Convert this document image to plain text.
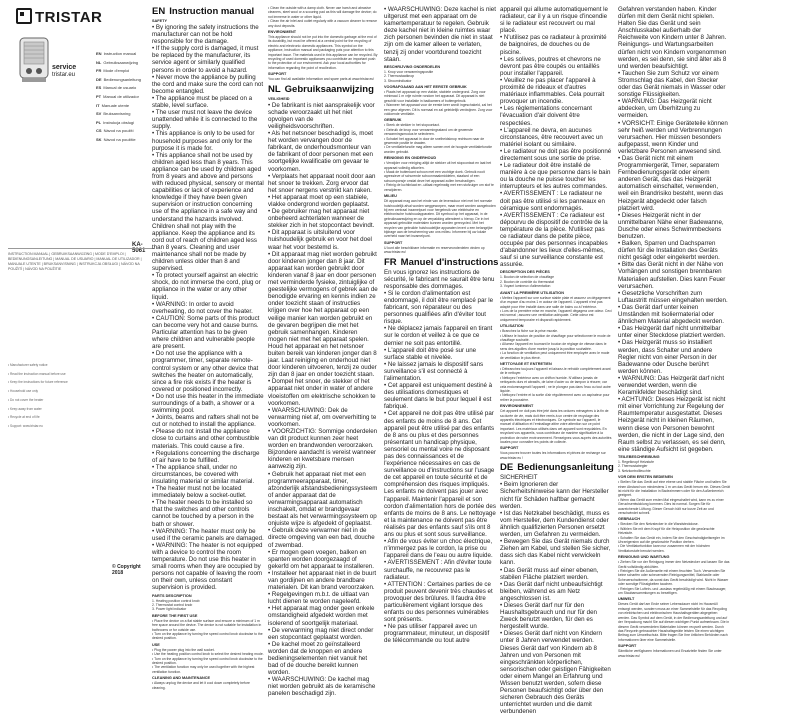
TRISTAR
service
tristar.eu
EN Instruction manual
NL Gebruiksaanwijzing
FR Mode d'emploi
DE Bedienungsanleitung
ES Manual de usuario
PT Manual de utilizador
IT Manuale utente
SV Bruksanvisning
PL Instrukcja obsługi
CS Návod na použití
SK Návod na použitie
KA-5061
INSTRUCTION MANUAL | GEBRUIKSAANWIJZING | MODE D'EMPLOI | BEDIENUNGSANLEITUNG | MANUAL DE USUARIO | MANUAL DE UTILIZADOR | MANUALE UTENTE | BRUKSANVISNING | INSTRUKCJA OBSŁUGI | NÁVOD NA POUŽITÍ | NÁVOD NA POUŽITIE
• Manufacturer safety notice
• Read the instruction manual before use
• Keep the instructions for future reference
• Household use only
• Do not cover the heater
• Keep away from water
• Recycle at end of life
• Support: www.tristar.eu
© Copyright 2018
EN Instruction manual
SAFETY

• By ignoring the safety instructions the manufacturer can not be hold responsible for the damage.
• If the supply cord is damaged, it must be replaced by the manufacturer, its service agent or similarly qualified persons in order to avoid a hazard.
• Never move the appliance by pulling the cord and make sure the cord can not become entangled.
• The appliance must be placed on a stable, level surface.
• The user must not leave the device unattended while it is connected to the supply.
• This appliance is only to be used for household purposes and only for the purpose it is made for.
• This appliance shall not be used by children aged less than 8 years. This appliance can be used by children aged from 8 years and above and persons with reduced physical, sensory or mental capabilities or lack of experience and knowledge if they have been given supervision or instruction concerning use of the appliance in a safe way and understand the hazards involved. Children shall not play with the appliance. Keep the appliance and its cord out of reach of children aged less than 8 years. Cleaning and user maintenance shall not be made by children unless older than 8 and supervised.
• To protect yourself against an electric shock, do not immerse the cord, plug or appliance in the water or any other liquid.
• WARNING: In order to avoid overheating, do not cover the heater.
• CAUTION: Some parts of this product can become very hot and cause burns. Particular attention has to be given where children and vulnerable people are present.
• Do not use the appliance with a programmer, timer, separate remote-control system or any other device that switches the heater on automatically, since a fire risk exists if the heater is covered or positioned incorrectly.
• Do not use this heater in the immediate surroundings of a bath, a shower or a swimming pool.
• Joints, beams and rafters shall not be cut or notched to install the appliance.
• Please do not install the appliance close to curtains and other combustible materials. This could cause a fire.
• Regulations concerning the discharge of air have to be fulfilled.
• The appliance shall, under no circumstances, be covered with insulating material or similar material.
• The heater must not be located immediately below a socket-outlet.
• The heater needs to be installed so that the switches and other controls cannot be touched by a person in the bath or shower.
• WARNING: The heater must only be used if the ceramic panels are damaged.
• WARNING: The heater is not equipped with a device to control the room temperature. Do not use this heater in small rooms when they are occupied by persons not capable of leaving the room on their own, unless constant supervision is provided.

PARTS DESCRIPTION

1. Heating position control knob
2. Thermostat control knob
3. Power light indicator

BEFORE THE FIRST USE

• Place the device on a flat stable surface and ensure a minimum of 1 m free space around the device. The device is not suitable for installation in bathrooms or for outside use.
• Turn on the appliance by turning the speed control knob clockwise to the desired position.

USE

• Plug the power plug into the wall socket.
• Use the heating position control knob to select the desired heating mode.
• Turn on the appliance by turning the speed control knob clockwise to the desired position.
• The ventilation function may only be used together with the highest ventilation function.

CLEANING AND MAINTENANCE

• Always unplug the device and let it cool down completely before cleaning.

• Clean the outside with a damp cloth. Never use harsh and abrasive cleaners, steel wool or a scouring pad as this will damage the device; do not immerse in water or other liquid.
• Clean the air inlet and outlet regularly with a vacuum cleaner to remove any dust deposits.

ENVIRONMENT

This appliance should not be put into the domestic garbage at the end of its durability, but must be offered at a central point for the recycling of electric and electronic domestic appliances. This symbol on the appliance, instruction manual and packaging puts your attention to this important issue. The materials used in this appliance can be recycled. By recycling of used domestic appliances you contribute an important push to the protection of our environment. Ask your local authorities for information regarding the point of recollection.

SUPPORT

You can find all available information and spare parts at www.tristar.eu!

NL Gebruiksaanwijzing
VEILIGHEID

• De fabrikant is niet aansprakelijk voor schade veroorzaakt uit het niet opvolgen van de veiligheidsvoorschriften.
• Als het netsnoer beschadigd is, moet het worden vervangen door de fabrikant, de onderhoudsmonteur van de fabrikant of door personen met een soortgelijke kwalificatie om gevaar te voorkomen.
• Verplaats het apparaat nooit door aan het snoer te trekken. Zorg ervoor dat het snoer nergens verstrikt kan raken.
• Het apparaat moet op een stabiele, vlakke ondergrond worden geplaatst.
• De gebruiker mag het apparaat niet onbeheerd achterlaten wanneer de stekker zich in het stopcontact bevindt.
• Dit apparaat is uitsluitend voor huishoudelijk gebruik en voor het doel waar het voor bestemd is.
• Dit apparaat mag niet worden gebruikt door kinderen jonger dan 8 jaar. Dit apparaat kan worden gebruikt door kinderen vanaf 8 jaar en door personen met verminderde fysieke, zintuiglijke of geestelijke vermogens of gebrek aan de benodigde ervaring en kennis indien ze onder toezicht staan of instructies krijgen over hoe het apparaat op een veilige manier kan worden gebruikt en de gevaren begrijpen die met het gebruik samenhangen. Kinderen mogen niet met het apparaat spelen. Houd het apparaat en het netsnoer buiten bereik van kinderen jonger dan 8 jaar. Laat reiniging en onderhoud niet door kinderen uitvoeren, tenzij ze ouder zijn dan 8 jaar en onder toezicht staan.
• Dompel het snoer, de stekker of het apparaat niet onder in water of andere vloeistoffen om elektrische schokken te voorkomen.
• WAARSCHUWING: Dek de verwarming niet af, om oververhitting te voorkomen.
• VOORZICHTIG: Sommige onderdelen van dit product kunnen zeer heet worden en brandwonden veroorzaken. Bijzondere aandacht is vereist wanneer kinderen en kwetsbare mensen aanwezig zijn.
• Gebruik het apparaat niet met een programmeerapparaat, timer, afzonderlijk afstandsbedieningssysteem of ander apparaat dat de verwarmingsapparaat automatisch inschakelt, omdat er brandgevaar bestaat als het verwarmingssysteem op onjuiste wijze is afgedekt of geplaatst.
• Gebruik deze verwarmer niet in de directe omgeving van een bad, douche of zwembad.
• Er mogen geen voegen, balken en spanten worden doorgezaagd of gekerfd om het apparaat te installeren.
• Installeer het apparaat niet in de buurt van gordijnen en andere brandbare materialen. Dit kan brand veroorzaken.
• Regelgevingen m.b.t. de uitlaat van lucht dienen te worden nageleefd.
• Het apparaat mag onder geen enkele omstandigheid afgedekt worden met isolerend of soortgelijk materiaal.
• De verwarming mag niet direct onder een stopcontact geplaatst worden.
• De kachel moet zo geïnstalleerd worden dat de knoppen en andere bedieningselementen niet vanuit het bad of de douche bereikt kunnen worden.
• WAARSCHUWING: De kachel mag niet worden gebruikt als de keramische panelen beschadigd zijn.

• WAARSCHUWING: Deze kachel is niet uitgerust met een apparaat om de kamertemperatuur te regelen. Gebruik deze kachel niet in kleine ruimtes waar zich personen bevinden die niet in staat zijn om de kamer alleen te verlaten, tenzij zij onder voortdurend toezicht staan.

BESCHRIJVING ONDERDELEN

1. Knop voor verwarmingspositie
2. Thermostaatknop
3. Stroomindicator

VOORAFGAAND AAN HET EERSTE GEBRUIK

• Plaats het apparaat op een vlakke, stabiele ondergrond. Zorg voor minimaal 1 m vrije ruimte rondom het apparaat. Dit apparaat is niet geschikt voor installatie in badkamers of buitengebruik.
• Wanneer het apparaat voor de eerste keer wordt ingeschakeld, zal het een geur afgeven. Dit is normaal en zal geleidelijk verdwijnen. Zorg voor voldoende ventilatie.

GEBRUIK

• Steek de stekker in het stopcontact.
• Gebruik de knop voor verwarmingsstand om de gewenste verwarmingsmodus te selecteren.
• Schakel het apparaat in door de snelheidsknop rechtsom naar de gewenste positie te draaien.
• De ventilatiefunctie mag alleen samen met de hoogste ventilatiefunctie worden gebruikt.

REINIGING EN ONDERHOUD

• Verwijder voor reiniging altijd de stekker uit het stopcontact en laat het apparaat volledig afkoelen.
• Maak de buitenkant schoon met een vochtige doek. Gebruik nooit agressieve of schurende schoonmaakmiddelen, staalwol of een schuursponsje omdat deze het apparaat zullen beschadigen.
• Reinig de luchtinlaat en -uitlaat regelmatig met een stofzuiger om stof te verwijderen.

MILIEU

Dit apparaat mag aan het einde van de levensduur niet met het normale huishoudelijk afval worden weggeworpen, maar moet worden aangeboden bij een centraal inzamelpunt voor hergebruik van elektrische en elektronische huishoudapparaten. Dit symbool op het apparaat, in de gebruiksaanwijzing en op de verpakking attendeert u hierop. De in het apparaat gebruikte materialen kunnen worden gerecycled. Met het recyclen van gebruikte huishoudelijke apparaten levert u een belangrijke bijdrage aan de bescherming van ons milieu. Informeer bij uw lokale overheid naar het inzamelpunt.

SUPPORT

U kunt alle beschikbare informatie en reserveonderdelen vinden op www.tristar.eu!

FR Manuel d'instructions

En vous ignorez les instructions de sécurité, le fabricant ne saurait être tenu responsable des dommages.
• Si le cordon d'alimentation est endommagé, il doit être remplacé par le fabricant, son réparateur ou des personnes qualifiées afin d'éviter tout risque.
• Ne déplacez jamais l'appareil en tirant sur le cordon et veillez à ce que ce dernier ne soit pas entortillé.
• L'appareil doit être posé sur une surface stable et nivelée.
• Ne laissez jamais le dispositif sans surveillance s'il est connecté à l'alimentation.
• Cet appareil est uniquement destiné à des utilisations domestiques et seulement dans le but pour lequel il est fabriqué.
• Cet appareil ne doit pas être utilisé par des enfants de moins de 8 ans. Cet appareil peut être utilisé par des enfants de 8 ans ou plus et des personnes présentant un handicap physique, sensoriel ou mental voire ne disposant pas des connaissances et de l'expérience nécessaires en cas de surveillance ou d'instructions sur l'usage de cet appareil en toute sécurité et de compréhension des risques impliqués. Les enfants ne doivent pas jouer avec l'appareil. Maintenir l'appareil et son cordon d'alimentation hors de portée des enfants de moins de 8 ans. Le nettoyage et la maintenance ne doivent pas être réalisés par des enfants sauf s'ils ont 8 ans ou plus et sont sous surveillance.
• Afin de vous éviter un choc électrique, n'immergez pas le cordon, la prise ou l'appareil dans de l'eau ou autre liquide.
• AVERTISSEMENT : Afin d'éviter toute surchauffe, ne recouvrez pas le radiateur.
• ATTENTION : Certaines parties de ce produit peuvent devenir très chaudes et provoquer des brûlures. Il faudra être particulièrement vigilant lorsque des enfants ou des personnes vulnérables sont présents.
• Ne pas utiliser l'appareil avec un programmateur, minuteur, un dispositif de télécommande ou tout autre

appareil qui allume automatiquement le radiateur, car il y a un risque d'incendie si le radiateur est recouvert ou mal placé.
• N'utilisez pas ce radiateur à proximité de baignoires, de douches ou de piscine.
• Les solives, poutres et chevrons ne devront pas être coupés ou entaillés pour installer l'appareil.
• Veuillez ne pas placer l'appareil à proximité de rideaux et d'autres matériaux inflammables. Cela pourrait provoquer un incendie.
• Les réglementations concernant l'évacuation d'air doivent être respectées.
• L'appareil ne devra, en aucunes circonstances, être recouvert avec un matériel isolant ou similaire.
• Le radiateur ne doit pas être positionné directement sous une sortie de prise.
• Le radiateur doit être installé de manière à ce que personne dans le bain ou la douche ne puisse toucher les interrupteurs et les autres commandes.
• AVERTISSEMENT : Le radiateur ne doit pas être utilisé si les panneaux en céramique sont endommagés.
• AVERTISSEMENT : Ce radiateur est dépourvu de dispositif de contrôle de la température de la pièce. N'utilisez pas ce radiateur dans de petite pièce, occupée par des personnes incapables d'abandonner les lieux d'elles-mêmes, sauf si une surveillance constante est assurée.

DESCRIPTION DES PIÈCES

1. Bouton de sélection de chauffage
2. Bouton de contrôle du thermostat
3. Voyant lumineux d'alimentation

AVANT LA PREMIÈRE UTILISATION

• Mettez l'appareil sur une surface stable plate et assurez un dégagement d'un espace d'au moins 1 m autour de l'appareil. L'appareil n'est pas adapté pour être installé dans une salle de bains ou à l'extérieur.
• Lors de la première mise en marche, l'appareil dégagera une odeur. Ceci est normal ; assurez une ventilation adéquate. Cette odeur est uniquement temporaire et disparaît rapidement.

UTILISATION

• Branchez la fiche sur la prise murale.
• Utilisez le bouton de position de chauffage pour sélectionner le mode de chauffage souhaité.
• Allumez l'appareil en tournant le bouton de réglage de vitesse dans le sens des aiguilles d'une montre jusqu'à la position souhaitée.
• La fonction de ventilation peut uniquement être employée avec le mode de ventilation le plus élevé.

NETTOYAGE ET ENTRETIEN

• Débranchez toujours l'appareil et laissez-le refroidir complètement avant de le nettoyer.
• Nettoyez l'extérieur avec un chiffon humide. N'utilisez jamais de nettoyants durs et abrasifs, de laine d'acier ou de tampon à récurer, car cela endommagerait l'appareil ; ne le plongez pas dans l'eau ou tout autre liquide.
• Nettoyez l'entrée et la sortie d'air régulièrement avec un aspirateur pour retirer la poussière.

ENVIRONNEMENT

Cet appareil ne doit pas être jeté dans les ordures ménagères à la fin de sa durée de vie, mais doit être remis à un centre de recyclage des appareils électriques et électroniques. Ce symbole sur l'appareil, le manuel d'utilisation et l'emballage attire votre attention sur ce point important. Les matériaux utilisés dans cet appareil sont recyclables. En recyclant vos appareils, vous contribuez de manière significative à la protection de notre environnement. Renseignez-vous auprès des autorités locales pour connaître les points de collecte.

SUPPORT

Vous pouvez trouver toutes les informations et pièces de rechange sur www.tristar.eu !

DE Bedienungsanleitung

SICHERHEIT
• Beim Ignorieren der Sicherheitshinweise kann der Hersteller nicht für Schäden haftbar gemacht werden.
• Ist das Netzkabel beschädigt, muss es vom Hersteller, dem Kundendienst oder ähnlich qualifizierten Personen ersetzt werden, um Gefahren zu vermeiden.
• Bewegen Sie das Gerät niemals durch Ziehen am Kabel, und stellen Sie sicher, dass sich das Kabel nicht verwickeln kann.
• Das Gerät muss auf einer ebenen, stabilen Fläche platziert werden.
• Das Gerät darf nicht unbeaufsichtigt bleiben, während es am Netz angeschlossen ist.
• Dieses Gerät darf nur für den Haushaltsgebrauch und nur für den Zweck benutzt werden, für den es hergestellt wurde.
• Dieses Gerät darf nicht von Kindern unter 8 Jahren verwendet werden. Dieses Gerät darf von Kindern ab 8 Jahren und von Personen mit eingeschränkten körperlichen, sensorischen oder geistigen Fähigkeiten oder einem Mangel an Erfahrung und Wissen benutzt werden, sofern diese Personen beaufsichtigt oder über den sicheren Gebrauch des Geräts unterrichtet wurden und die damit verbundenen

Gefahren verstanden haben. Kinder dürfen mit dem Gerät nicht spielen. Halten Sie das Gerät und sein Anschlusskabel außerhalb der Reichweite von Kindern unter 8 Jahren. Reinigungs- und Wartungsarbeiten dürfen nicht von Kindern vorgenommen werden, es sei denn, sie sind älter als 8 und werden beaufsichtigt.
• Tauchen Sie zum Schutz vor einem Stromschlag das Kabel, den Stecker oder das Gerät niemals in Wasser oder sonstige Flüssigkeiten.
• WARNUNG: Das Heizgerät nicht abdecken, um Überhitzung zu vermeiden.
• VORSICHT: Einige Geräteteile können sehr heiß werden und Verbrennungen verursachen. Hier müssen besonders aufgepasst, wenn Kinder und verletzbare Personen anwesend sind.
• Das Gerät nicht mit einem Programmiergerät, Timer, separatem Fernbedienungsgerät oder einem anderen Gerät, das das Heizgerät automatisch einschaltet, verwenden, weil ein Brandrisiko besteht, wenn das Heizgerät abgedeckt oder falsch platziert wird.
• Dieses Heizgerät nicht in der unmittelbaren Nähe einer Badewanne, Dusche oder eines Schwimmbeckens benutzen.
• Balken, Sparren und Dachsparren dürfen für die Installation des Geräts nicht gesägt oder eingekerbt werden.
• Bitte das Gerät nicht in der Nähe von Vorhängen und sonstigen brennbaren Materialien aufstellen. Dies kann Feuer verursachen.
• Gesetzliche Vorschriften zum Luftaustritt müssen eingehalten werden.
• Das Gerät darf unter keinen Umständen mit Isoliermaterial oder ähnlichem Material abgedeckt werden.
• Das Heizgerät darf nicht unmittelbar unter einer Steckdose platziert werden.
• Das Heizgerät muss so installiert werden, dass Schalter und andere Regler nicht von einer Person in der Badewanne oder Dusche berührt werden können.
• WARNUNG: Das Heizgerät darf nicht verwendet werden, wenn die Keramikfelder beschädigt sind.
• ACHTUNG: Dieses Heizgerät ist nicht mit einer Vorrichtung zur Regelung der Raumtemperatur ausgestattet. Dieses Heizgerät nicht in kleinen Räumen, wenn diese von Personen bewohnt werden, die nicht in der Lage sind, den Raum selbst zu verlassen, es sei denn, eine ständige Aufsicht ist gegeben.

TEILEBESCHREIBUNG

1. Regelknopf Heizstufe
2. Thermostatregler
3. Netzkontrollleuchte

VOR DEM ERSTEN BEDIENEN

• Stellen Sie das Gerät auf eine ebene und stabile Fläche und halten Sie einen Abstand von mindestens 1 m um das Gerät herum ein. Dieses Gerät ist nicht für die Installation in Badezimmern oder für den Außenbereich geeignet.
• Wenn das Gerät zum ersten Mal eingeschaltet wird, kann es zu einer Geruchsentwicklung kommen. Dies ist normal. Sorgen Sie für ausreichende Lüftung. Dieser Geruch hält nur kurze Zeit an und verschwindet schnell.

GEBRAUCH

• Stecken Sie den Netzstecker in die Wandsteckdose.
• Wählen Sie mit dem Knopf für die Heizposition die gewünschte Heizstufe.
• Schalten Sie das Gerät ein, indem Sie den Geschwindigkeitsregler im Uhrzeigersinn auf die gewünschte Position drehen.
• Die Ventilatorfunktion kann nur zusammen mit der höchsten Ventilatorstufe benutzt werden.

REINIGUNG UND WARTUNG

• Ziehen Sie vor der Reinigung immer den Netzstecker und lassen Sie das Gerät vollständig abkühlen.
• Reinigen Sie die Außenseite mit einem feuchten Tuch. Verwenden Sie keine scharfen oder scheuernden Reinigungsmittel, Stahlwolle oder Scheuerschwämme, da sonst das Gerät beschädigt wird. Nicht in Wasser oder sonstige Flüssigkeiten tauchen.
• Reinigen Sie Luftein- und -auslass regelmäßig mit einem Staubsauger, um Staubansammlungen zu beseitigen.

UMWELT

Dieses Gerät darf am Ende seiner Lebensdauer nicht im Hausmüll entsorgt werden, sondern muss an einer Sammelstelle für das Recycling von elektrischen und elektronischen Haushaltsgeräten abgegeben werden. Das Symbol auf dem Gerät, in der Bedienungsanleitung und auf der Verpackung macht Sie auf diesen wichtigen Punkt aufmerksam. Die in diesem Gerät verwendeten Materialien können recycelt werden. Durch das Recyceln gebrauchter Haushaltsgeräte leisten Sie einen wichtigen Beitrag zum Umweltschutz. Bitte fragen Sie Ihre örtlichen Behörden nach Informationen über eine Sammelstelle.

SUPPORT

Sämtliche verfügbaren Informationen und Ersatzteile finden Sie unter www.tristar.eu!
